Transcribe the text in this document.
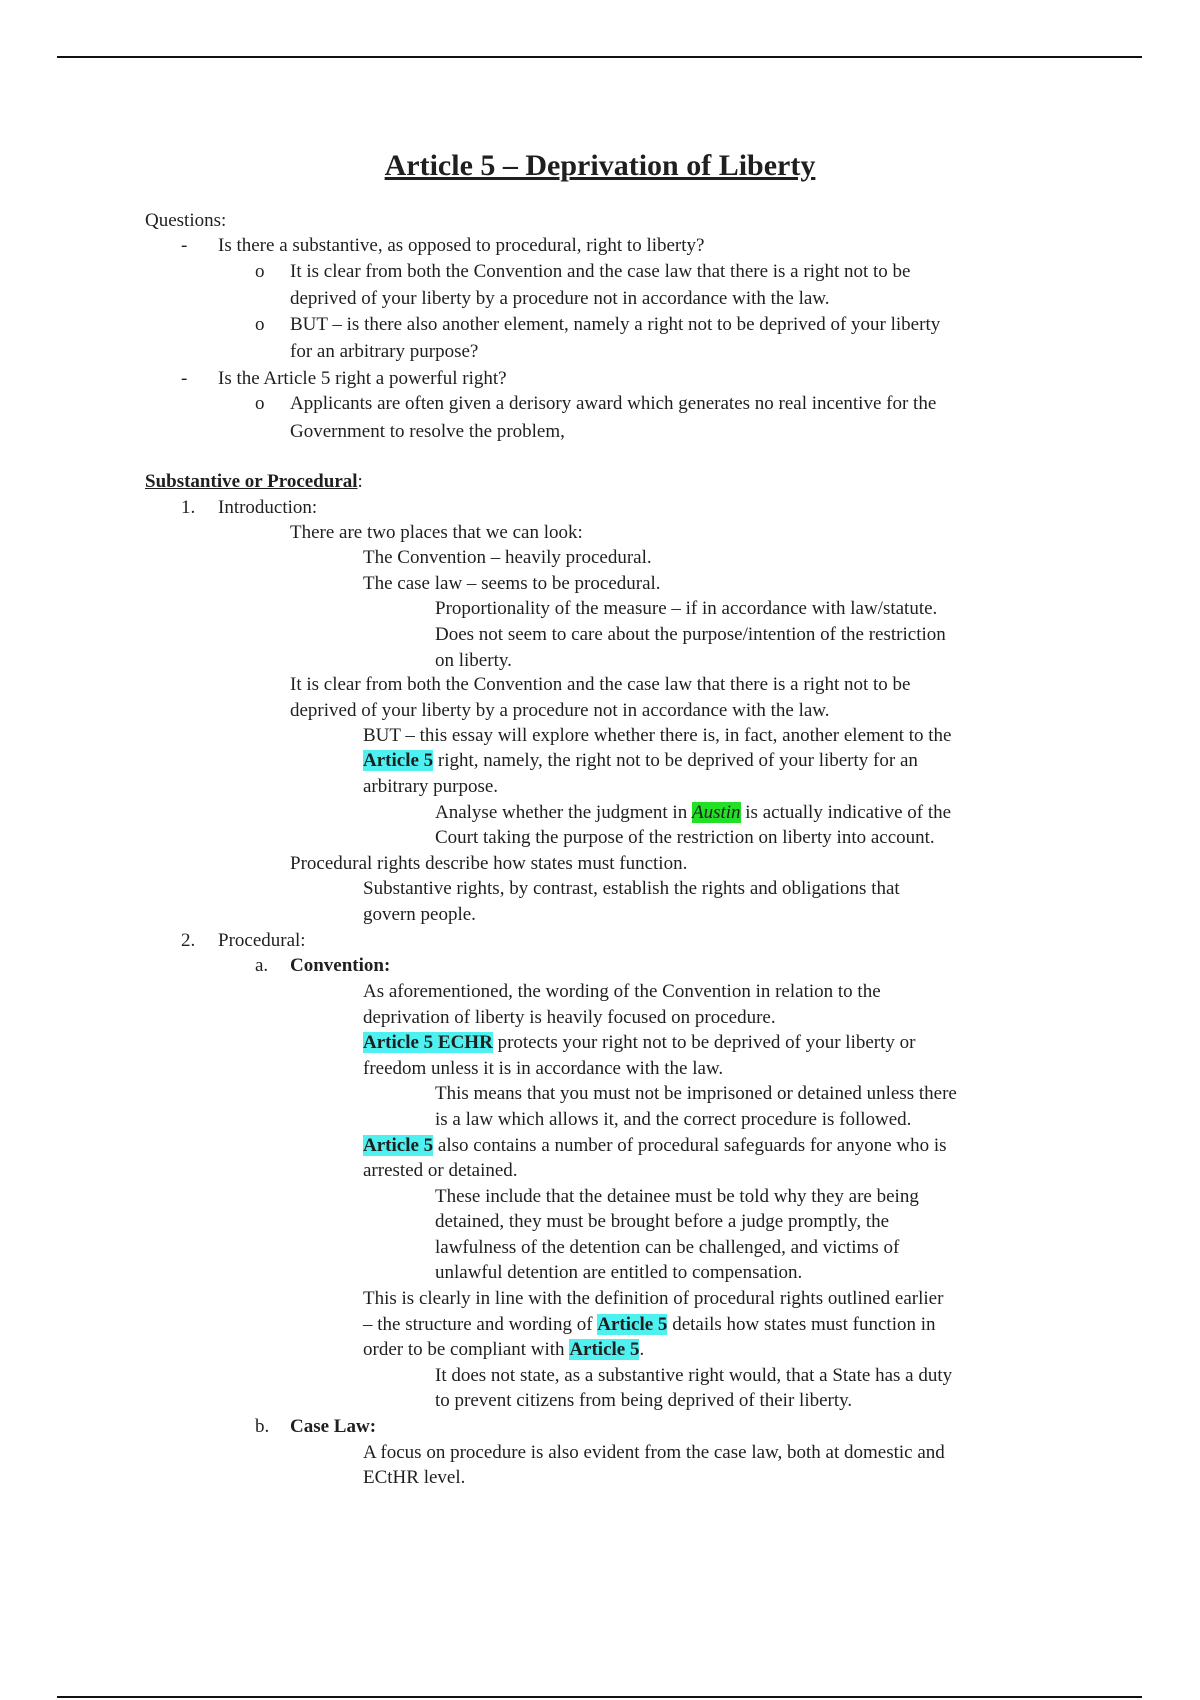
Article 5 – Deprivation of Liberty
Questions:
- Is there a substantive, as opposed to procedural, right to liberty?
o It is clear from both the Convention and the case law that there is a right not to be
deprived of your liberty by a procedure not in accordance with the law.
o BUT – is there also another element, namely a right not to be deprived of your liberty
for an arbitrary purpose?
- Is the Article 5 right a powerful right?
o Applicants are often given a derisory award which generates no real incentive for the
Government to resolve the problem,
Substantive or Procedural:
1. Introduction:
There are two places that we can look:
The Convention – heavily procedural.
The case law – seems to be procedural.
Proportionality of the measure – if in accordance with law/statute.
Does not seem to care about the purpose/intention of the restriction
on liberty.
It is clear from both the Convention and the case law that there is a right not to be
deprived of your liberty by a procedure not in accordance with the law.
BUT – this essay will explore whether there is, in fact, another element to the
Article 5 right, namely, the right not to be deprived of your liberty for an
arbitrary purpose.
Analyse whether the judgment in Austin is actually indicative of the
Court taking the purpose of the restriction on liberty into account.
Procedural rights describe how states must function.
Substantive rights, by contrast, establish the rights and obligations that
govern people.
2. Procedural:
a. Convention:
As aforementioned, the wording of the Convention in relation to the
deprivation of liberty is heavily focused on procedure.
Article 5 ECHR protects your right not to be deprived of your liberty or
freedom unless it is in accordance with the law.
This means that you must not be imprisoned or detained unless there
is a law which allows it, and the correct procedure is followed.
Article 5 also contains a number of procedural safeguards for anyone who is
arrested or detained.
These include that the detainee must be told why they are being
detained, they must be brought before a judge promptly, the
lawfulness of the detention can be challenged, and victims of
unlawful detention are entitled to compensation.
This is clearly in line with the definition of procedural rights outlined earlier
– the structure and wording of Article 5 details how states must function in
order to be compliant with Article 5.
It does not state, as a substantive right would, that a State has a duty
to prevent citizens from being deprived of their liberty.
b. Case Law:
A focus on procedure is also evident from the case law, both at domestic and
ECtHR level.
